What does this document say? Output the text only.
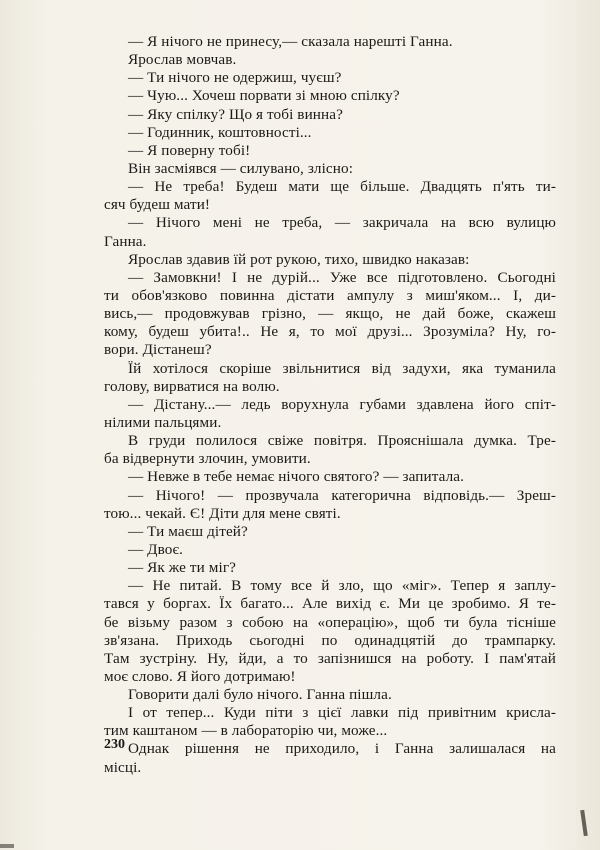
— Я нічого не принесу,— сказала нарешті Ганна.
Ярослав мовчав.
— Ти нічого не одержиш, чуєш?
— Чую... Хочеш порвати зі мною спілку?
— Яку спілку? Що я тобі винна?
— Годинник, коштовності...
— Я поверну тобі!
Він засміявся — силувано, злісно:
— Не треба! Будеш мати ще більше. Двадцять п'ять ти-
сяч будеш мати!
— Нічого мені не треба, — закричала на всю вулицю
Ганна.
Ярослав здавив їй рот рукою, тихо, швидко наказав:
— Замовкни! І не дурій... Уже все підготовлено. Сьогодні
ти обов'язково повинна дістати ампулу з миш'яком... І, ди-
вись,— продовжував грізно, — якщо, не дай боже, скажеш
кому, будеш убита!.. Не я, то мої друзі... Зрозуміла? Ну, го-
вори. Дістанеш?
Їй хотілося скоріше звільнитися від задухи, яка туманила
голову, вирватися на волю.
— Дістану...— ледь ворухнула губами здавлена його спіт-
нілими пальцями.
В груди полилося свіже повітря. Прояснішала думка. Тре-
ба відвернути злочин, умовити.
— Невже в тебе немає нічого святого? — запитала.
— Нічого! — прозвучала категорична відповідь.— Зреш-
тою... чекай. Є! Діти для мене святі.
— Ти маєш дітей?
— Двоє.
— Як же ти міг?
— Не питай. В тому все й зло, що «міг». Тепер я заплу-
тався у боргах. Їх багато... Але вихід є. Ми це зробимо. Я те-
бе візьму разом з собою на «операцію», щоб ти була тісніше
зв'язана. Приходь сьогодні по одинадцятій до трампарку.
Там зустріну. Ну, йди, а то запізнишся на роботу. І пам'ятай
моє слово. Я його дотримаю!
Говорити далі було нічого. Ганна пішла.
І от тепер... Куди піти з цієї лавки під привітним крисла-
тим каштаном — в лабораторію чи, може...
Однак рішення не приходило, і Ганна залишалася на
місці.
230
